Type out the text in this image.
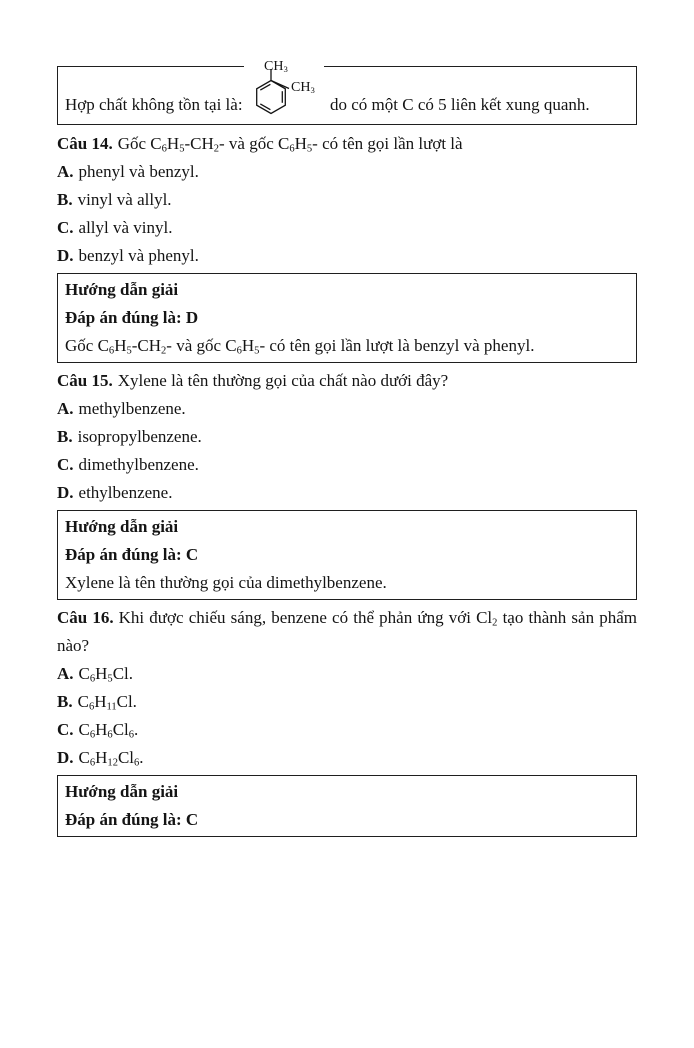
Hợp chất không tồn tại là:
$CH_3$
$CH_3$
do có một C có 5 liên kết xung quanh.

Câu 14. Gốc $C_6H_5-CH_2-$ và gốc $C_6H_5-$ có tên gọi lần lượt là

A. phenyl và benzyl.

B. vinyl và allyl.

C. allyl và vinyl.

D. benzyl và phenyl.

Hướng dẫn giải

Đáp án đúng là: D

Gốc $C_6H_5-CH_2-$ và gốc $C_6H_5-$ có tên gọi lần lượt là benzyl và phenyl.

Câu 15. Xylene là tên thường gọi của chất nào dưới đây?

A. methylbenzene.

B. isopropylbenzene.

C. dimethylbenzene.

D. ethylbenzene.

Hướng dẫn giải

Đáp án đúng là: C

Xylene là tên thường gọi của dimethylbenzene.

Câu 16. Khi được chiếu sáng, benzene có thể phản ứng với $Cl_2$ tạo thành sản phẩm nào?

A. $C_6H_5Cl$.

B. $C_6H_{11}Cl$.

C. $C_6H_6Cl_6$.

D. $C_6H_{12}Cl_6$.

Hướng dẫn giải

Đáp án đúng là: C
